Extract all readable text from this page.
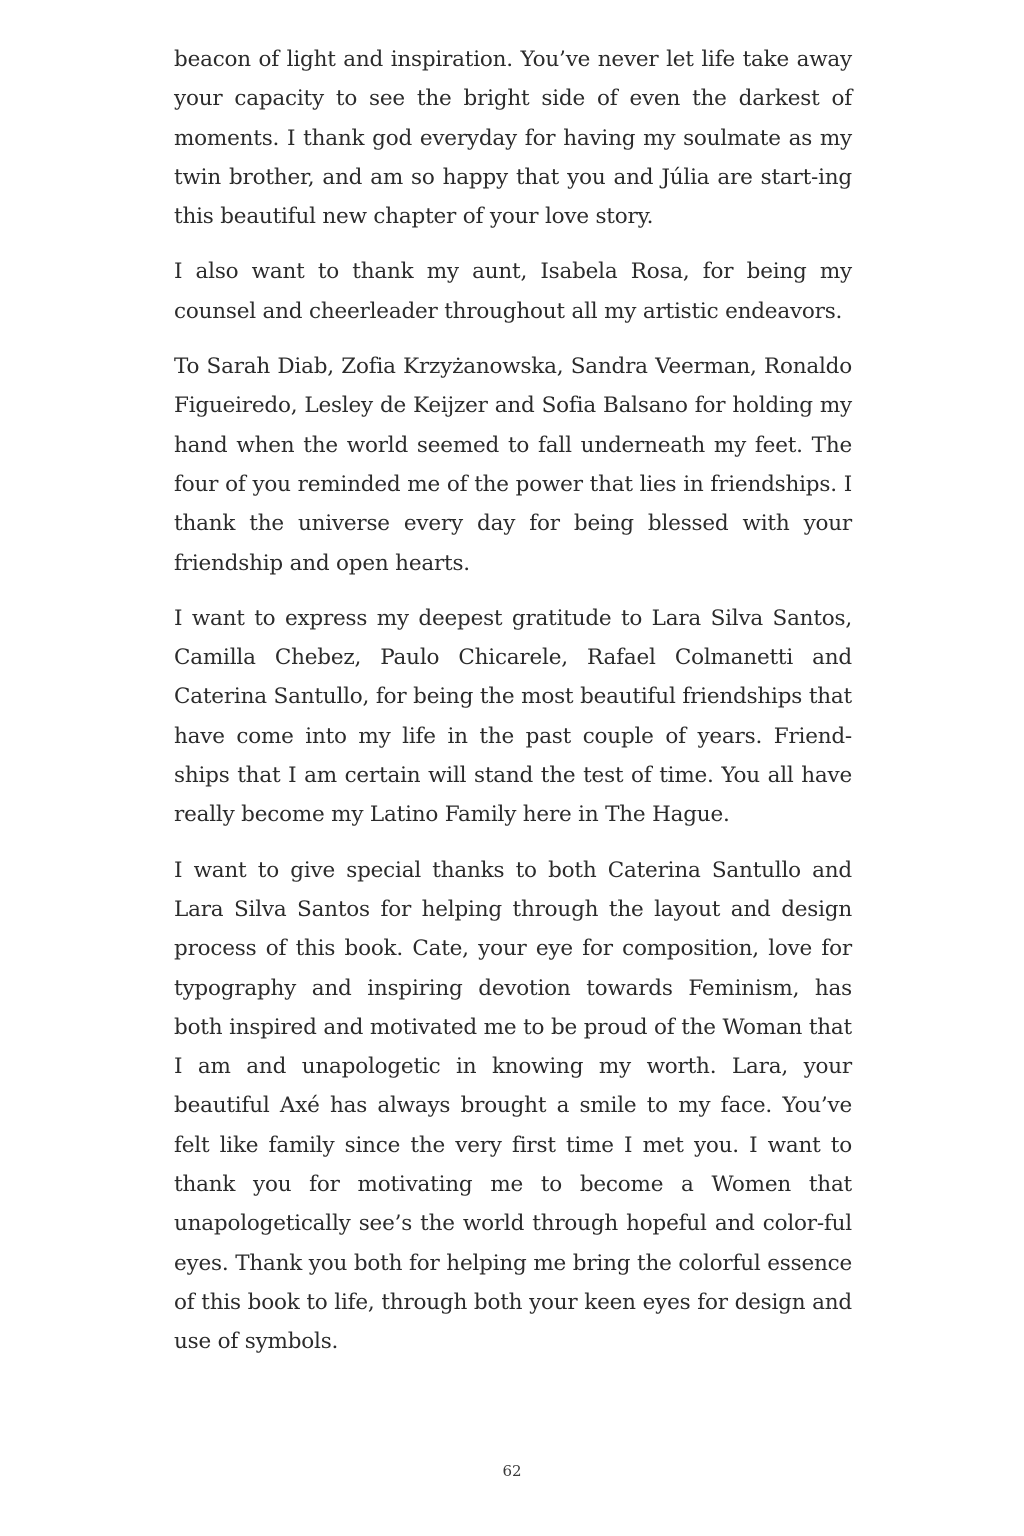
beacon of light and inspiration. You’ve never let life take away your capacity to see the bright side of even the darkest of moments. I thank god everyday for having my soulmate as my twin brother, and am so happy that you and Júlia are start-ing this beautiful new chapter of your love story.

I also want to thank my aunt, Isabela Rosa, for being my counsel and cheerleader throughout all my artistic endeavors.

To Sarah Diab, Zofia Krzyżanowska, Sandra Veerman, Ronaldo Figueiredo, Lesley de Keijzer and Sofia Balsano for holding my hand when the world seemed to fall underneath my feet. The four of you reminded me of the power that lies in friendships. I thank the universe every day for being blessed with your friendship and open hearts.

I want to express my deepest gratitude to Lara Silva Santos, Camilla Chebez, Paulo Chicarele, Rafael Colmanetti and Caterina Santullo, for being the most beautiful friendships that have come into my life in the past couple of years. Friend-ships that I am certain will stand the test of time. You all have really become my Latino Family here in The Hague.

I want to give special thanks to both Caterina Santullo and Lara Silva Santos for helping through the layout and design process of this book. Cate, your eye for composition, love for typography and inspiring devotion towards Feminism, has both inspired and motivated me to be proud of the Woman that I am and unapologetic in knowing my worth. Lara, your beautiful Axé has always brought a smile to my face. You’ve felt like family since the very first time I met you. I want to thank you for motivating me to become a Women that unapologetically see’s the world through hopeful and color-ful eyes. Thank you both for helping me bring the colorful essence of this book to life, through both your keen eyes for design and use of symbols.

62
